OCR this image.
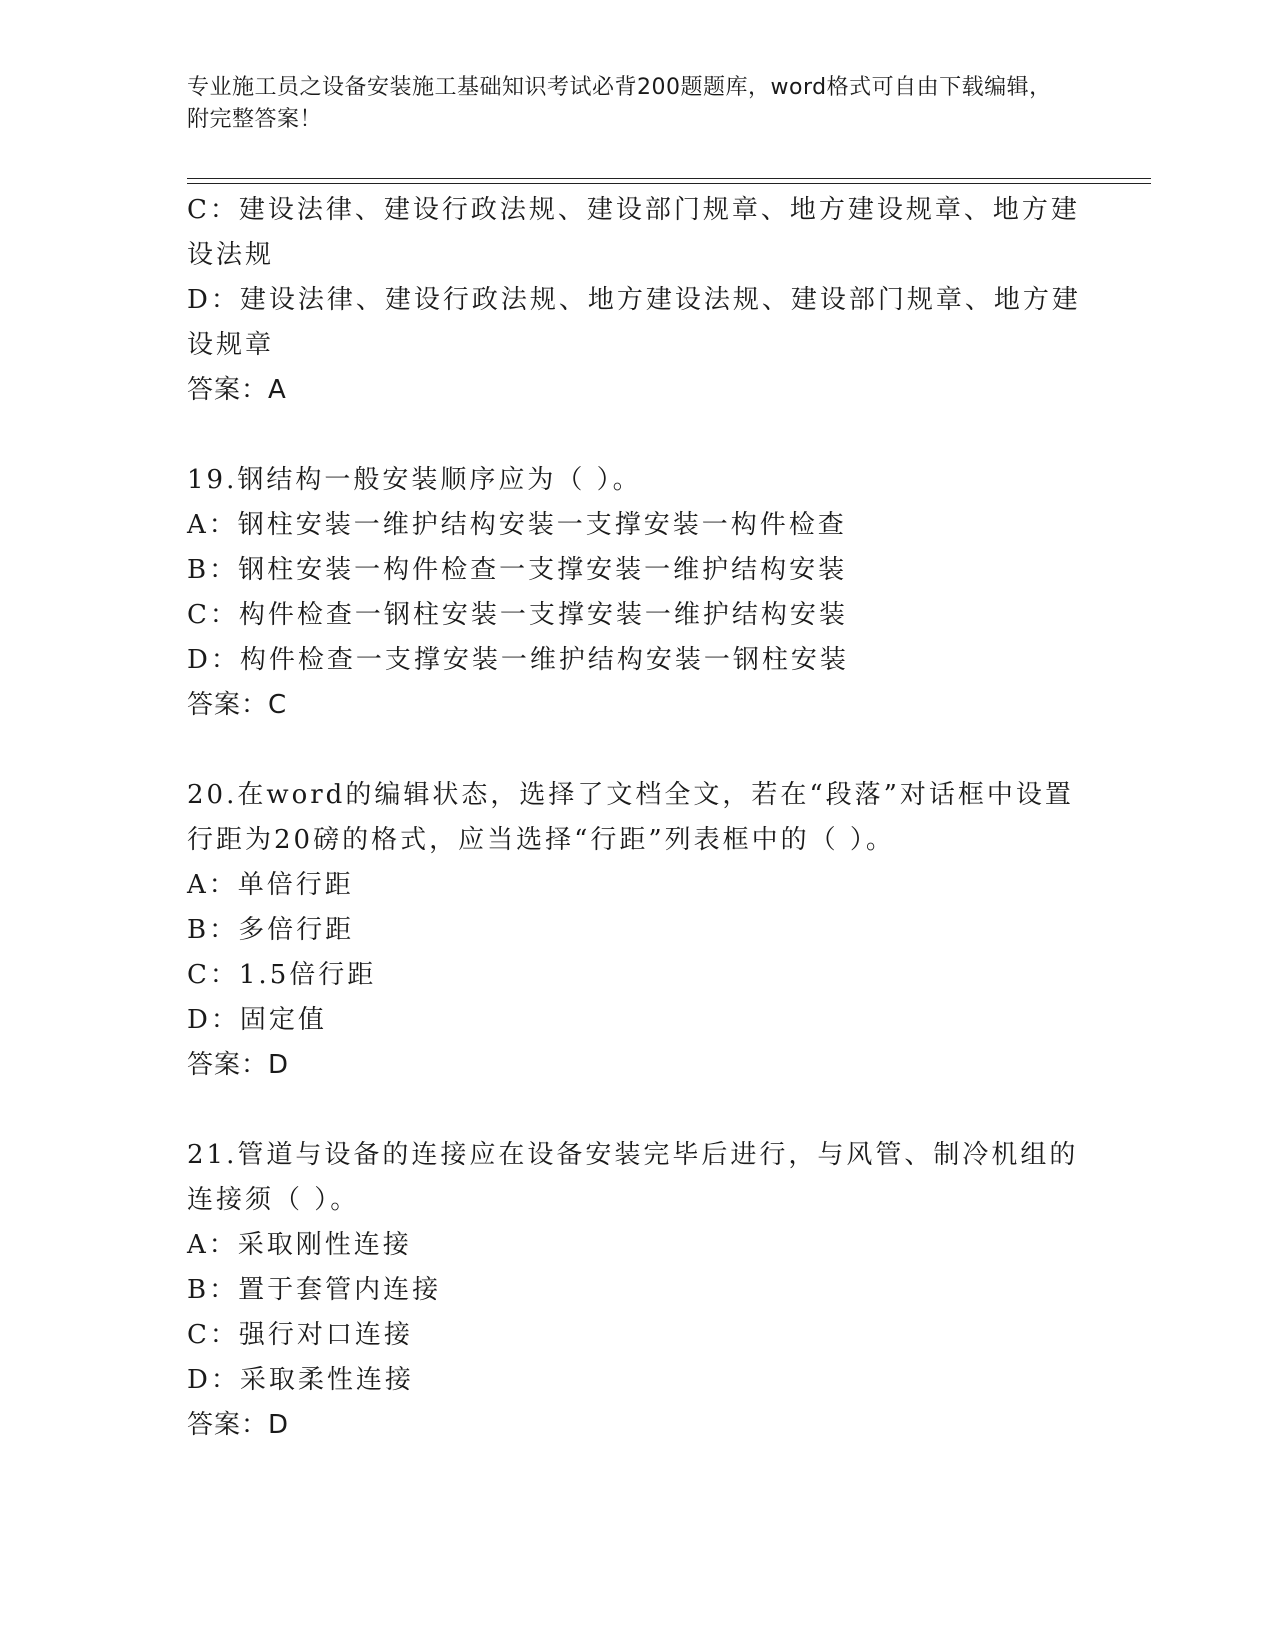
专业施工员之设备安装施工基础知识考试必背200题题库，word格式可自由下载编辑，附完整答案！
C：建设法律、建设行政法规、建设部门规章、地方建设规章、地方建设法规
D：建设法律、建设行政法规、地方建设法规、建设部门规章、地方建设规章
答案：A
19.钢结构一般安装顺序应为（ ）。
A：钢柱安装一维护结构安装一支撑安装一构件检查
B：钢柱安装一构件检查一支撑安装一维护结构安装
C：构件检查一钢柱安装一支撑安装一维护结构安装
D：构件检查一支撑安装一维护结构安装一钢柱安装
答案：C
20.在word的编辑状态，选择了文档全文，若在“段落”对话框中设置行距为20磅的格式，应当选择“行距”列表框中的（ ）。
A：单倍行距
B：多倍行距
C：1.5倍行距
D：固定值
答案：D
21.管道与设备的连接应在设备安装完毕后进行，与风管、制冷机组的连接须（ ）。
A：采取刚性连接
B：置于套管内连接
C：强行对口连接
D：采取柔性连接
答案：D
